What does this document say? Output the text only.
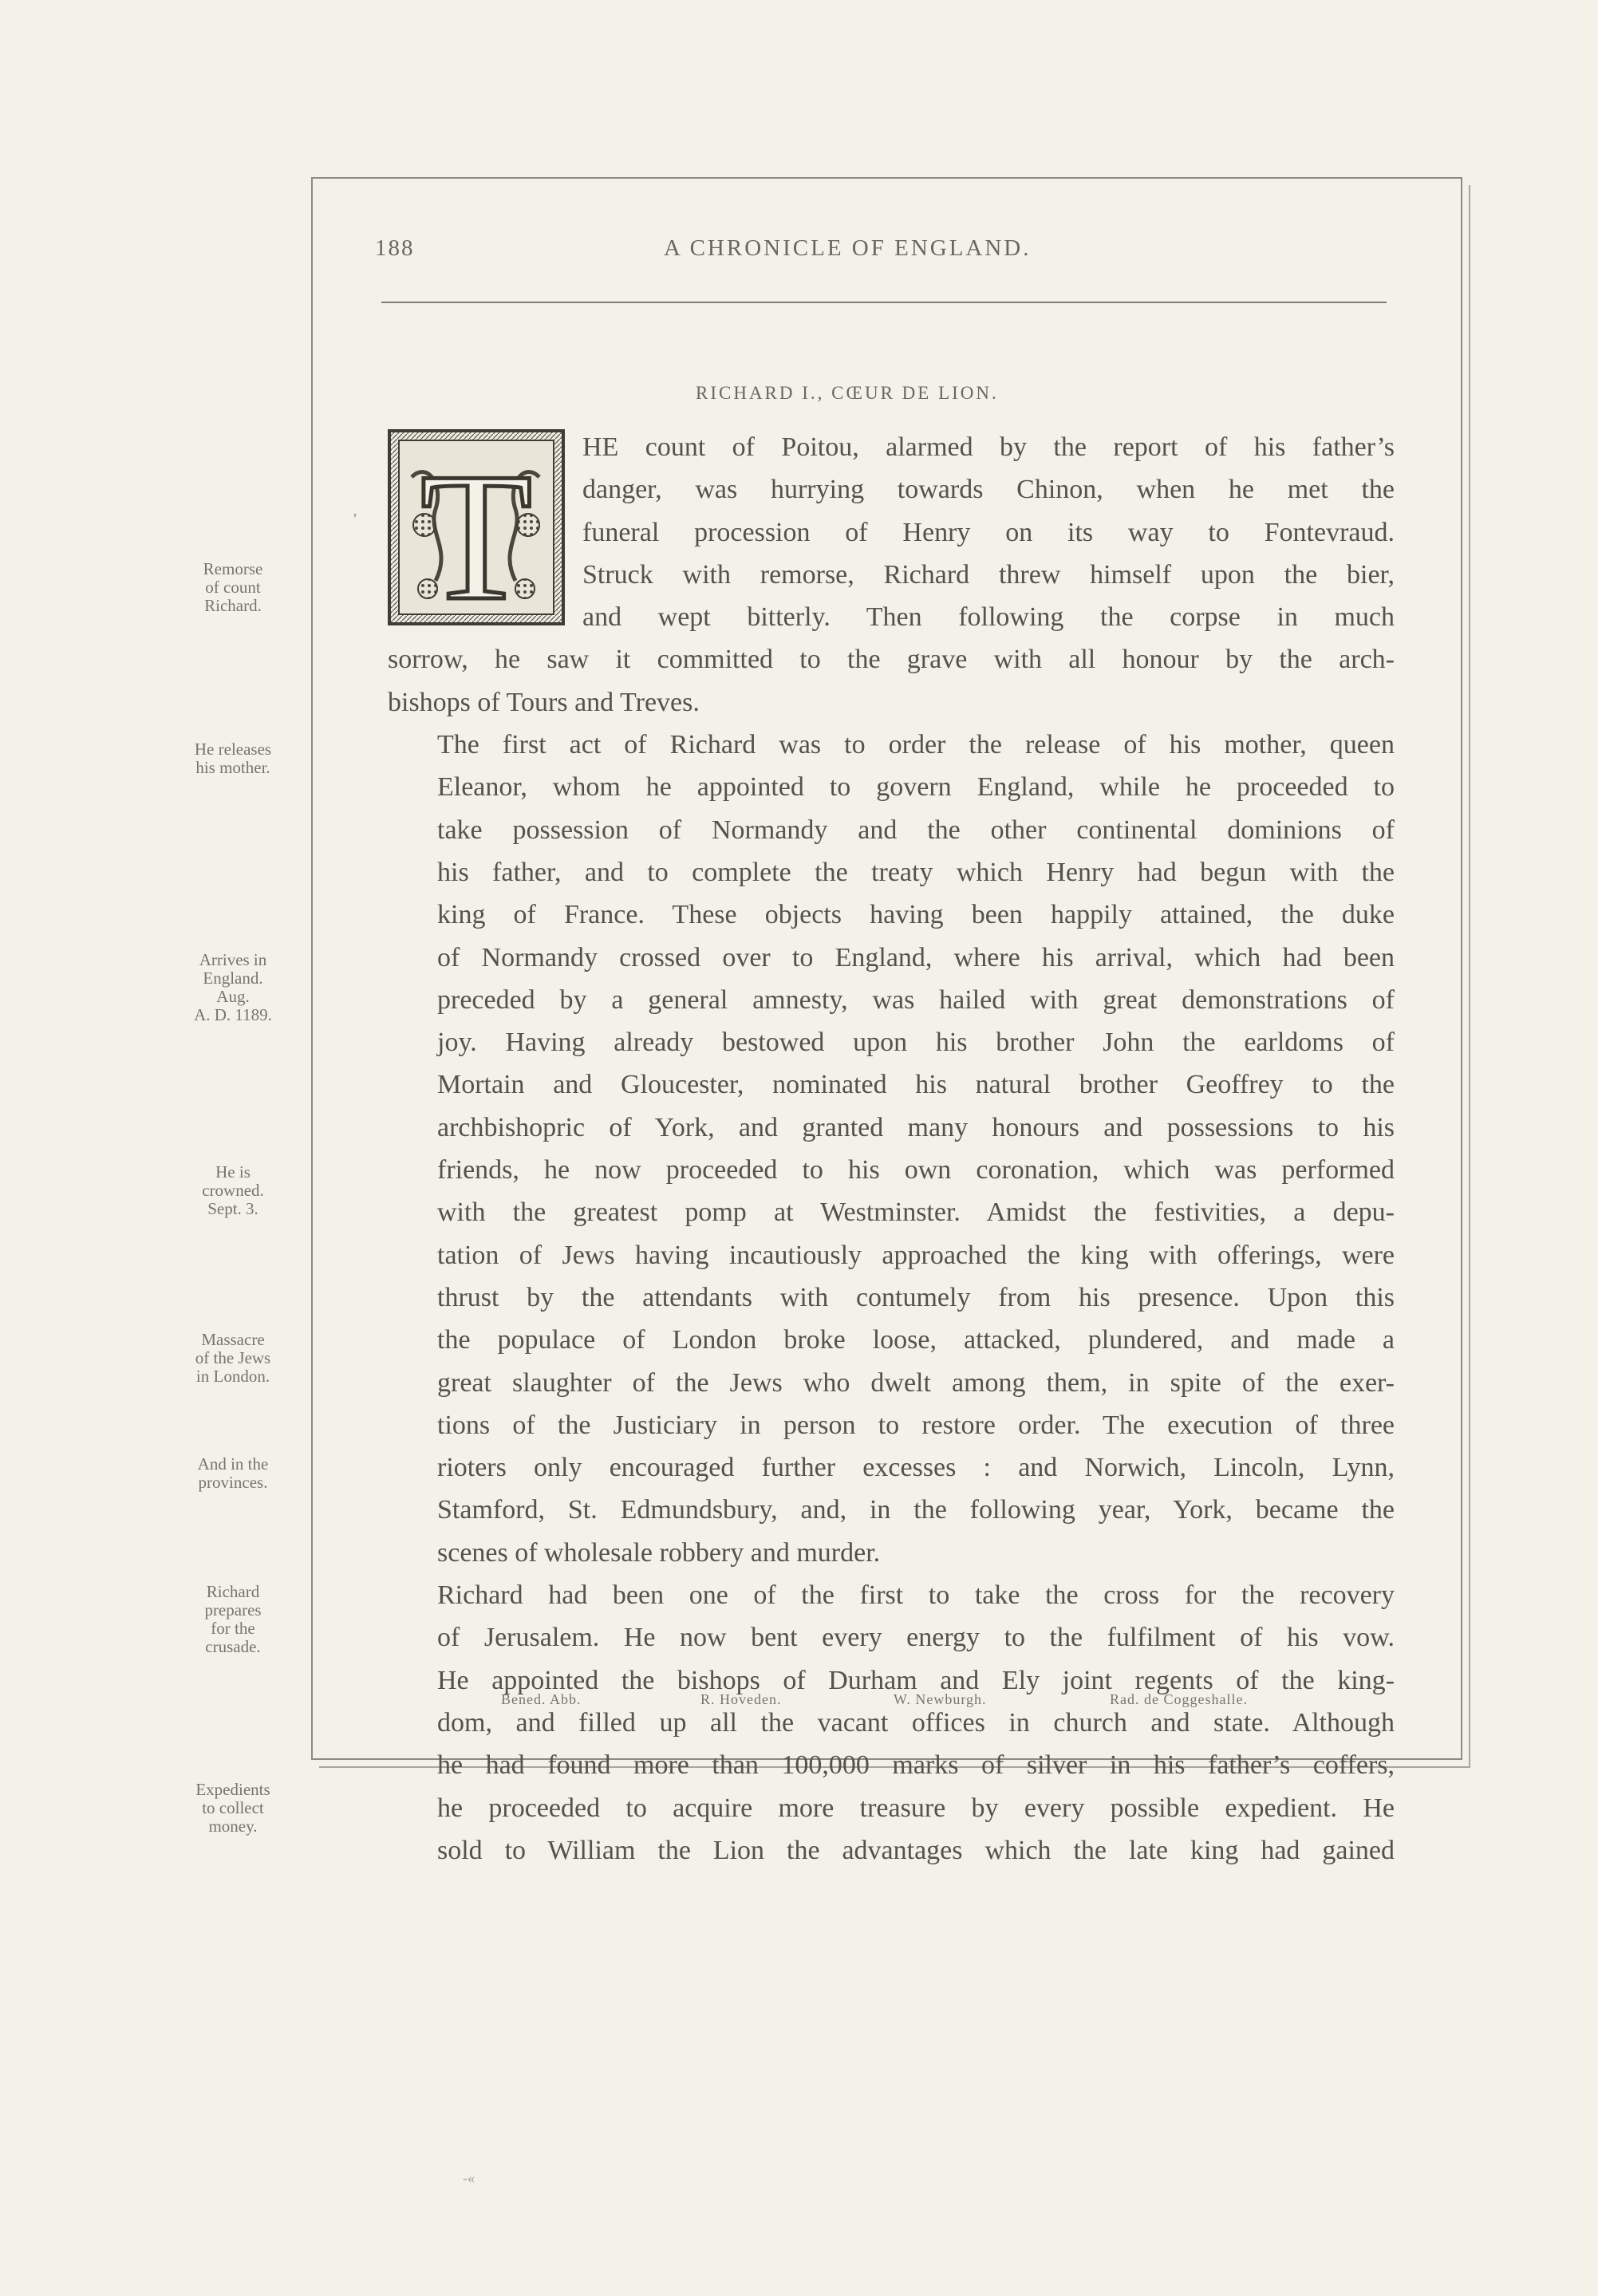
188	A CHRONICLE OF ENGLAND.
RICHARD I., CŒUR DE LION.
’
-«

T	HE count of Poitou, alarmed by the report of his father’s
danger, was hurrying towards Chinon, when he met the
funeral procession of Henry on its way to Fontevraud.
Struck with remorse, Richard threw himself upon the bier,
and wept bitterly. Then following the corpse in much
sorrow, he saw it committed to the grave with all honour by the arch-
bishops of Tours and Treves.

The first act of Richard was to order the release of his mother, queen
Eleanor, whom he appointed to govern England, while he proceeded to
take possession of Normandy and the other continental dominions of
his father, and to complete the treaty which Henry had begun with the
king of France. These objects having been happily attained, the duke
of Normandy crossed over to England, where his arrival, which had been
preceded by a general amnesty, was hailed with great demonstrations of
joy. Having already bestowed upon his brother John the earldoms of
Mortain and Gloucester, nominated his natural brother Geoffrey to the
archbishopric of York, and granted many honours and possessions to his
friends, he now proceeded to his own coronation, which was performed
with the greatest pomp at Westminster. Amidst the festivities, a depu-
tation of Jews having incautiously approached the king with offerings, were
thrust by the attendants with contumely from his presence. Upon this
the populace of London broke loose, attacked, plundered, and made a
great slaughter of the Jews who dwelt among them, in spite of the exer-
tions of the Justiciary in person to restore order. The execution of three
rioters only encouraged further excesses : and Norwich, Lincoln, Lynn,
Stamford, St. Edmundsbury, and, in the following year, York, became the
scenes of wholesale robbery and murder.

Richard had been one of the first to take the cross for the recovery
of Jerusalem. He now bent every energy to the fulfilment of his vow.
He appointed the bishops of Durham and Ely joint regents of the king-
dom, and filled up all the vacant offices in church and state. Although
he had found more than 100,000 marks of silver in his father’s coffers,
he proceeded to acquire more treasure by every possible expedient. He
sold to William the Lion the advantages which the late king had gained

Remorse
of count
Richard.
He releases
his mother.
Arrives in
England.
Aug.
A. D. 1189.
He is
crowned.
Sept. 3.
Massacre
of the Jews
in London.
And in the
provinces.
Richard
prepares
for the
crusade.
Expedients
to collect
money.
Bened. Abb.	R. Hoveden.	W. Newburgh.	Rad. de Coggeshalle.
